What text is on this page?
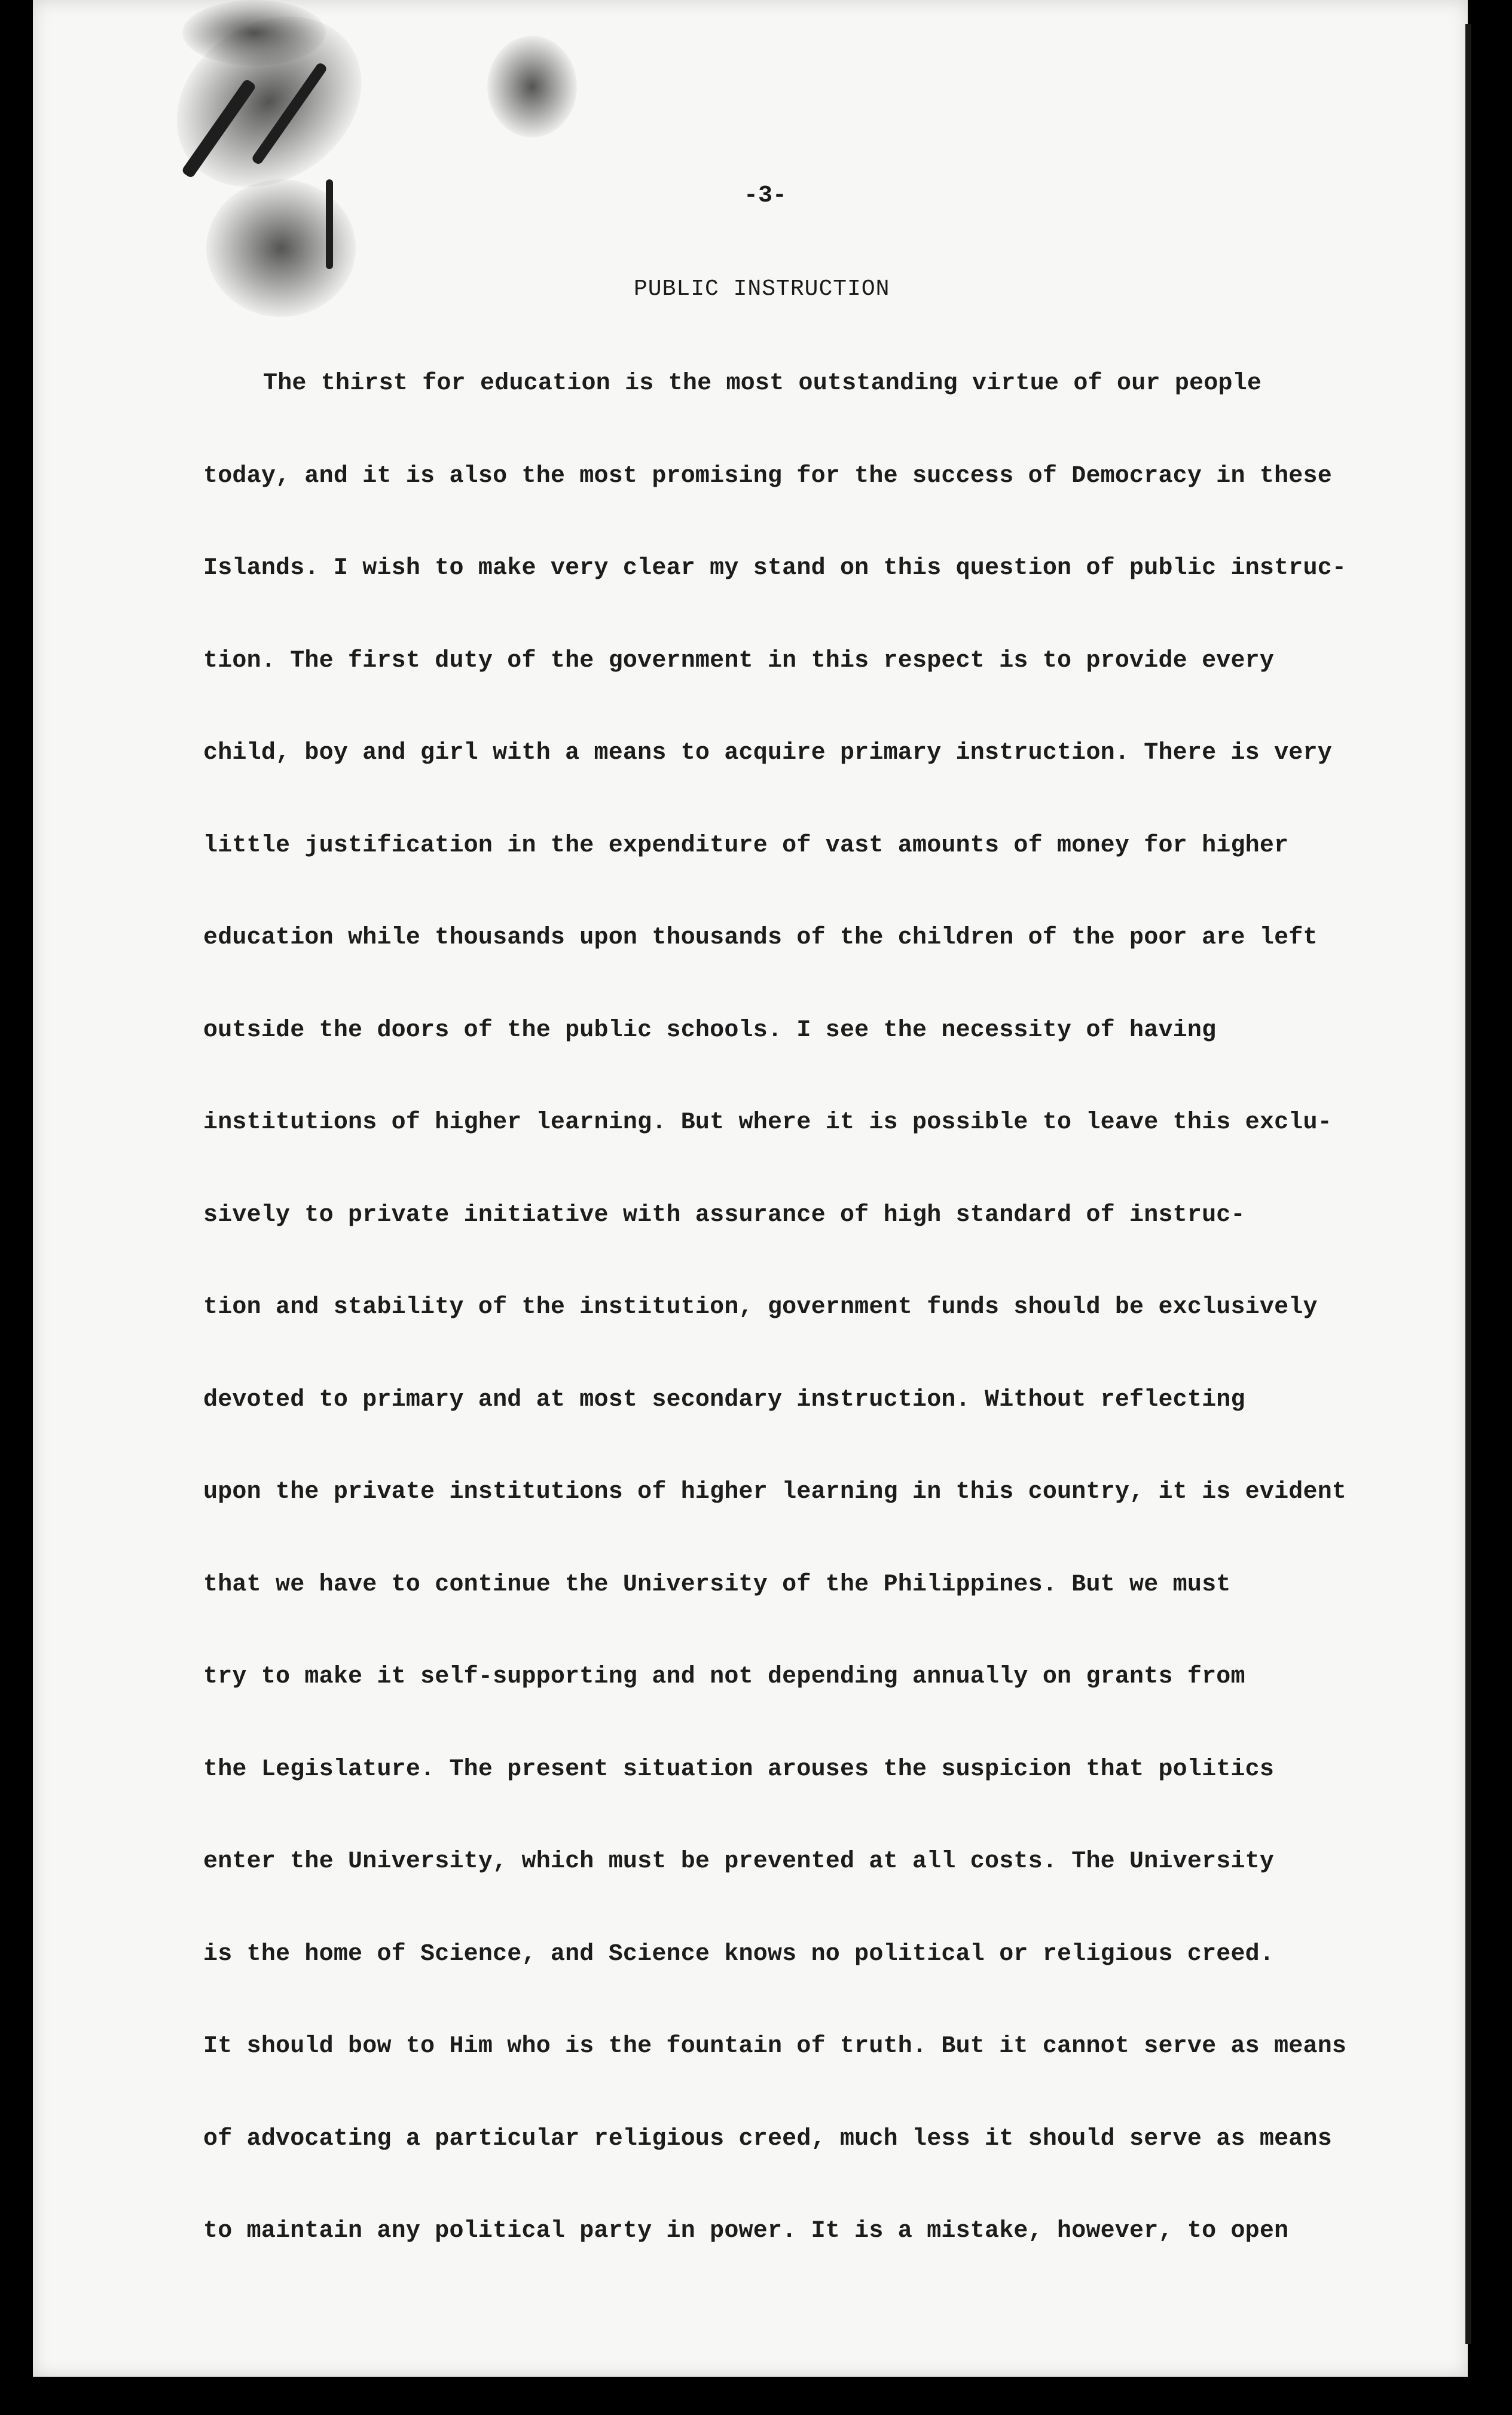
-3-

PUBLIC INSTRUCTION
The thirst for education is the most outstanding virtue of our people
today, and it is also the most promising for the success of Democracy in these
Islands. I wish to make very clear my stand on this question of public instruc-
tion. The first duty of the government in this respect is to provide every
child, boy and girl with a means to acquire primary instruction. There is very
little justification in the expenditure of vast amounts of money for higher
education while thousands upon thousands of the children of the poor are left
outside the doors of the public schools. I see the necessity of having
institutions of higher learning. But where it is possible to leave this exclu-
sively to private initiative with assurance of high standard of instruc-
tion and stability of the institution, government funds should be exclusively
devoted to primary and at most secondary instruction. Without reflecting
upon the private institutions of higher learning in this country, it is evident
that we have to continue the University of the Philippines. But we must
try to make it self-supporting and not depending annually on grants from
the Legislature. The present situation arouses the suspicion that politics
enter the University, which must be prevented at all costs. The University
is the home of Science, and Science knows no political or religious creed.
It should bow to Him who is the fountain of truth. But it cannot serve as means
of advocating a particular religious creed, much less it should serve as means
to maintain any political party in power. It is a mistake, however, to open
